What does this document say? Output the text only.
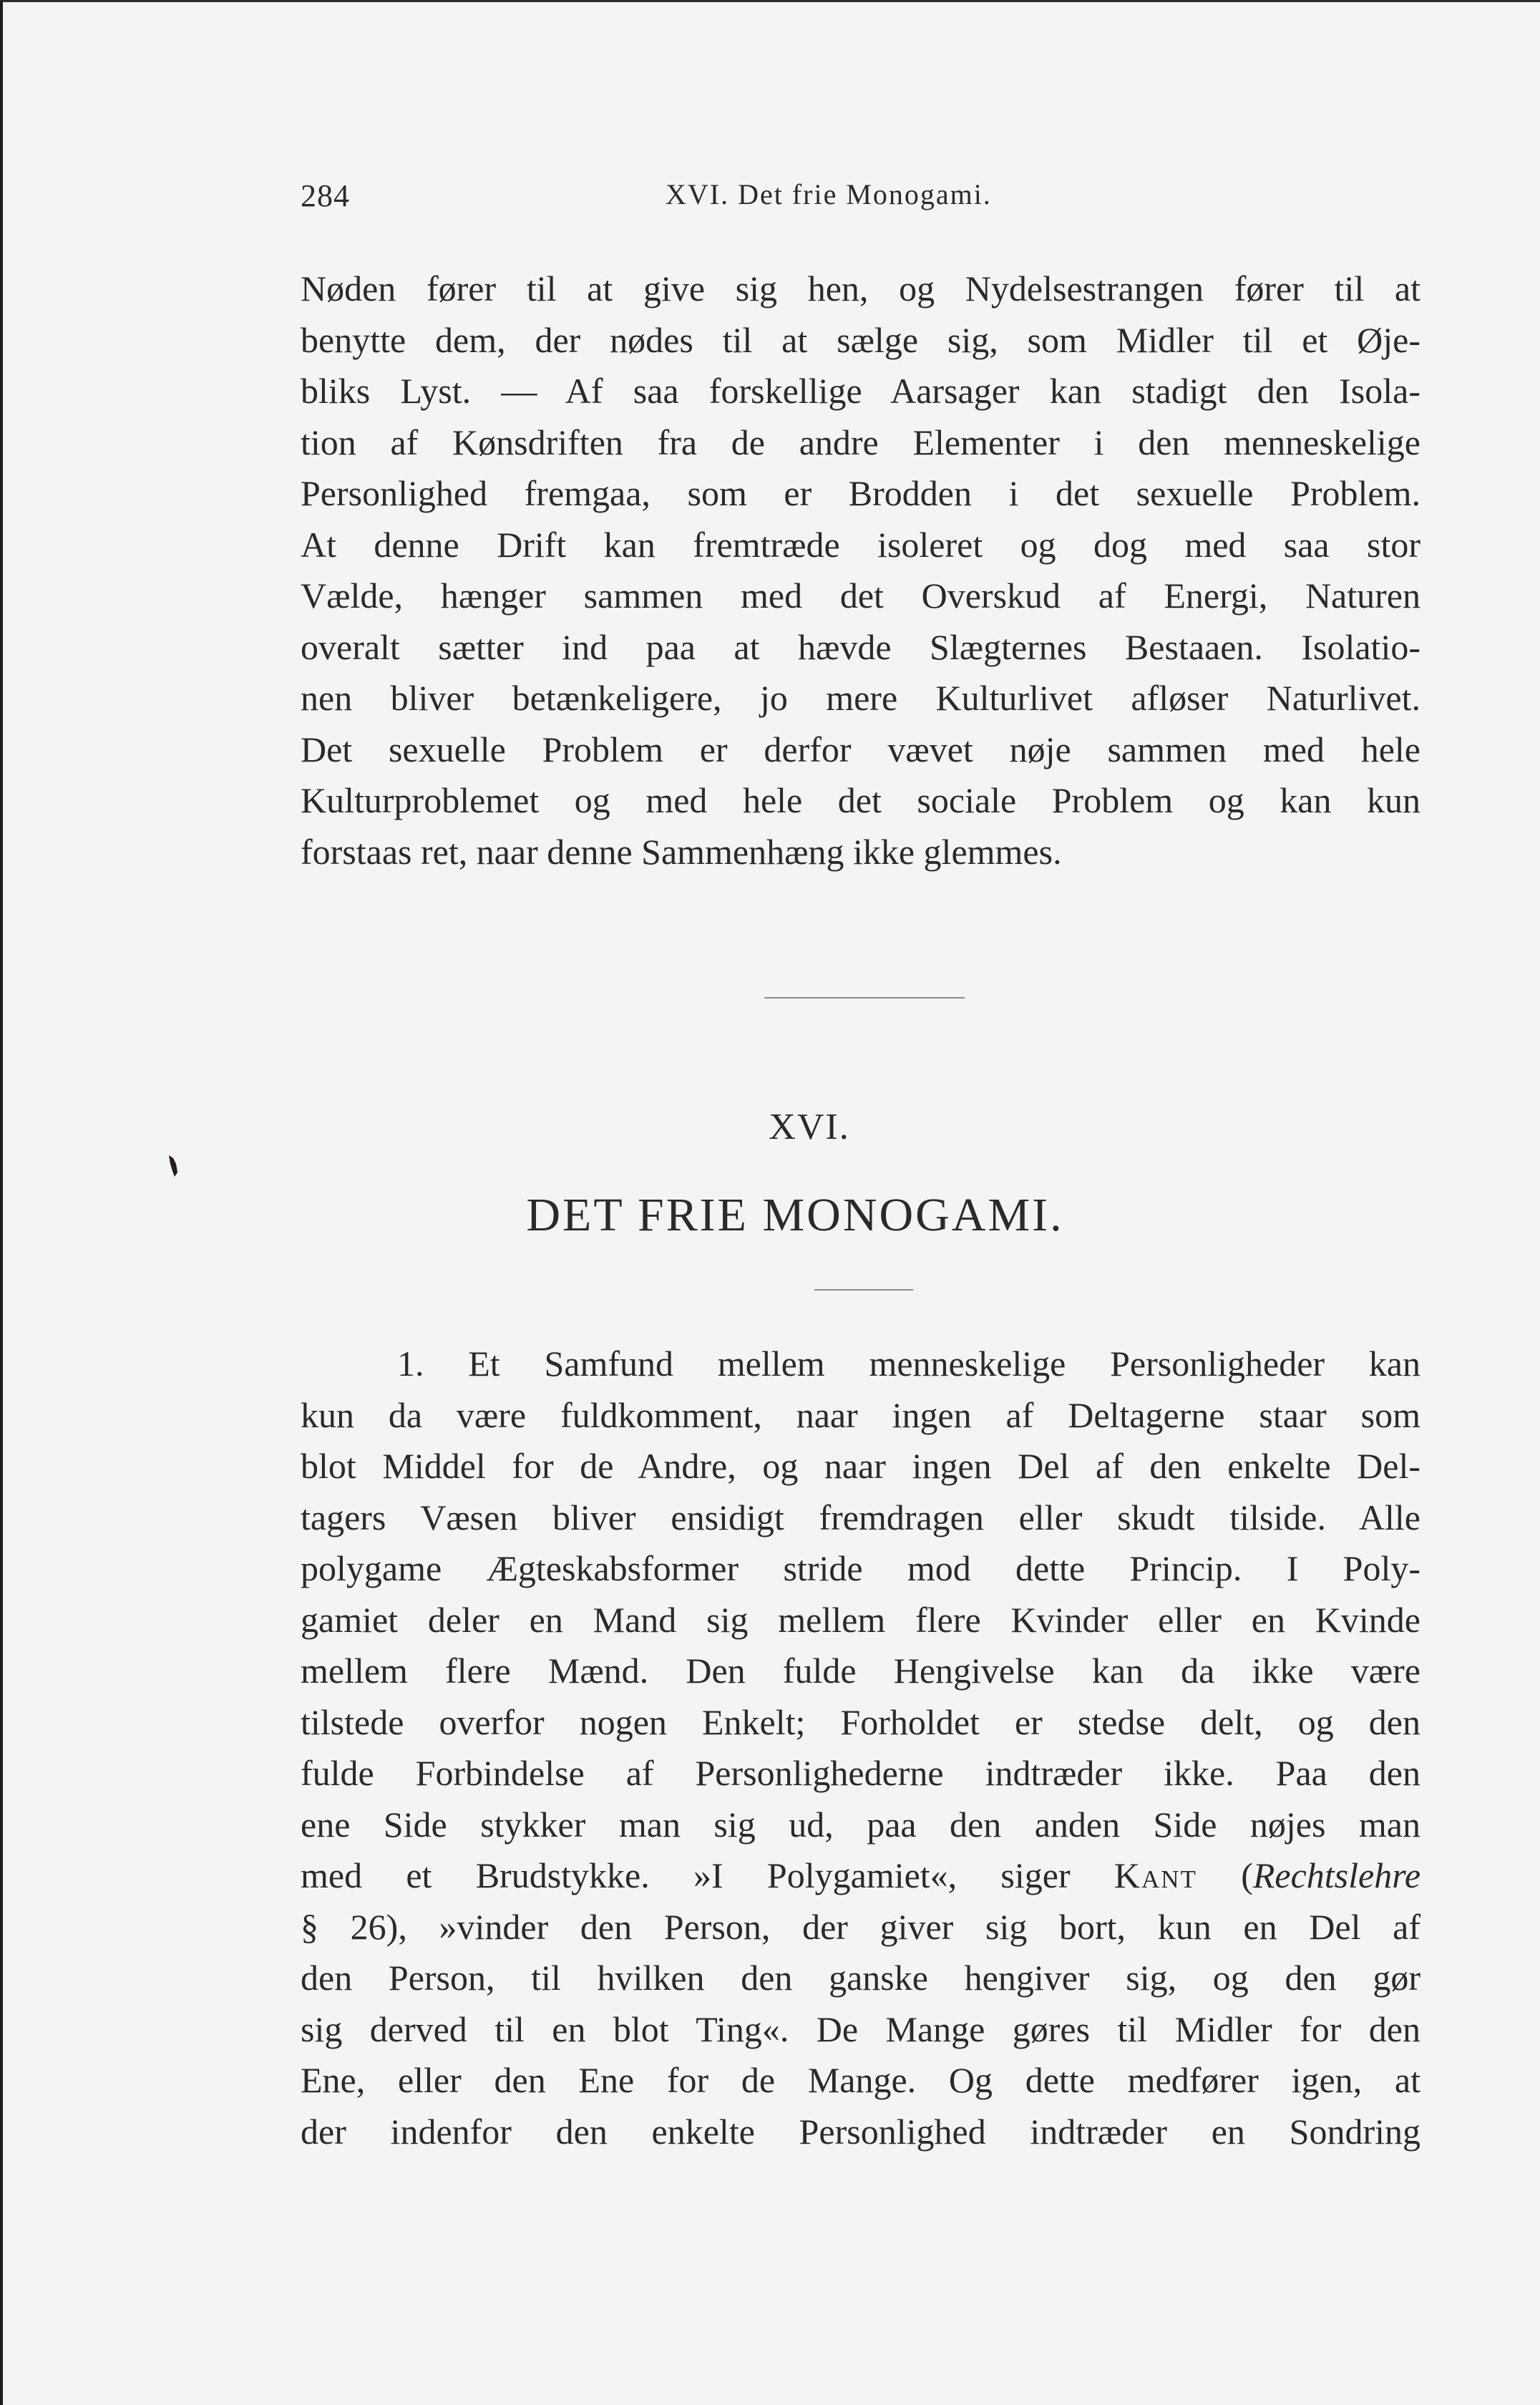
284	XVI. Det frie Monogami.
Nøden fører til at give sig hen, og Nydelsestrangen fører til at
benytte dem, der nødes til at sælge sig, som Midler til et Øje-
bliks Lyst. — Af saa forskellige Aarsager kan stadigt den Isola-
tion af Kønsdriften fra de andre Elementer i den menneskelige
Personlighed fremgaa, som er Brodden i det sexuelle Problem.
At denne Drift kan fremtræde isoleret og dog med saa stor
Vælde, hænger sammen med det Overskud af Energi, Naturen
overalt sætter ind paa at hævde Slægternes Bestaaen. Isolatio-
nen bliver betænkeligere, jo mere Kulturlivet afløser Naturlivet.
Det sexuelle Problem er derfor vævet nøje sammen med hele
Kulturproblemet og med hele det sociale Problem og kan kun
forstaas ret, naar denne Sammenhæng ikke glemmes.
XVI.
DET FRIE MONOGAMI.
1. Et Samfund mellem menneskelige Personligheder kan
kun da være fuldkomment, naar ingen af Deltagerne staar som
blot Middel for de Andre, og naar ingen Del af den enkelte Del-
tagers Væsen bliver ensidigt fremdragen eller skudt tilside. Alle
polygame Ægteskabsformer stride mod dette Princip. I Poly-
gamiet deler en Mand sig mellem flere Kvinder eller en Kvinde
mellem flere Mænd. Den fulde Hengivelse kan da ikke være
tilstede overfor nogen Enkelt; Forholdet er stedse delt, og den
fulde Forbindelse af Personlighederne indtræder ikke. Paa den
ene Side stykker man sig ud, paa den anden Side nøjes man
med et Brudstykke. »I Polygamiet«, siger Kant (Rechtslehre
§ 26), »vinder den Person, der giver sig bort, kun en Del af
den Person, til hvilken den ganske hengiver sig, og den gør
sig derved til en blot Ting«. De Mange gøres til Midler for den
Ene, eller den Ene for de Mange. Og dette medfører igen, at
der indenfor den enkelte Personlighed indtræder en Sondring
